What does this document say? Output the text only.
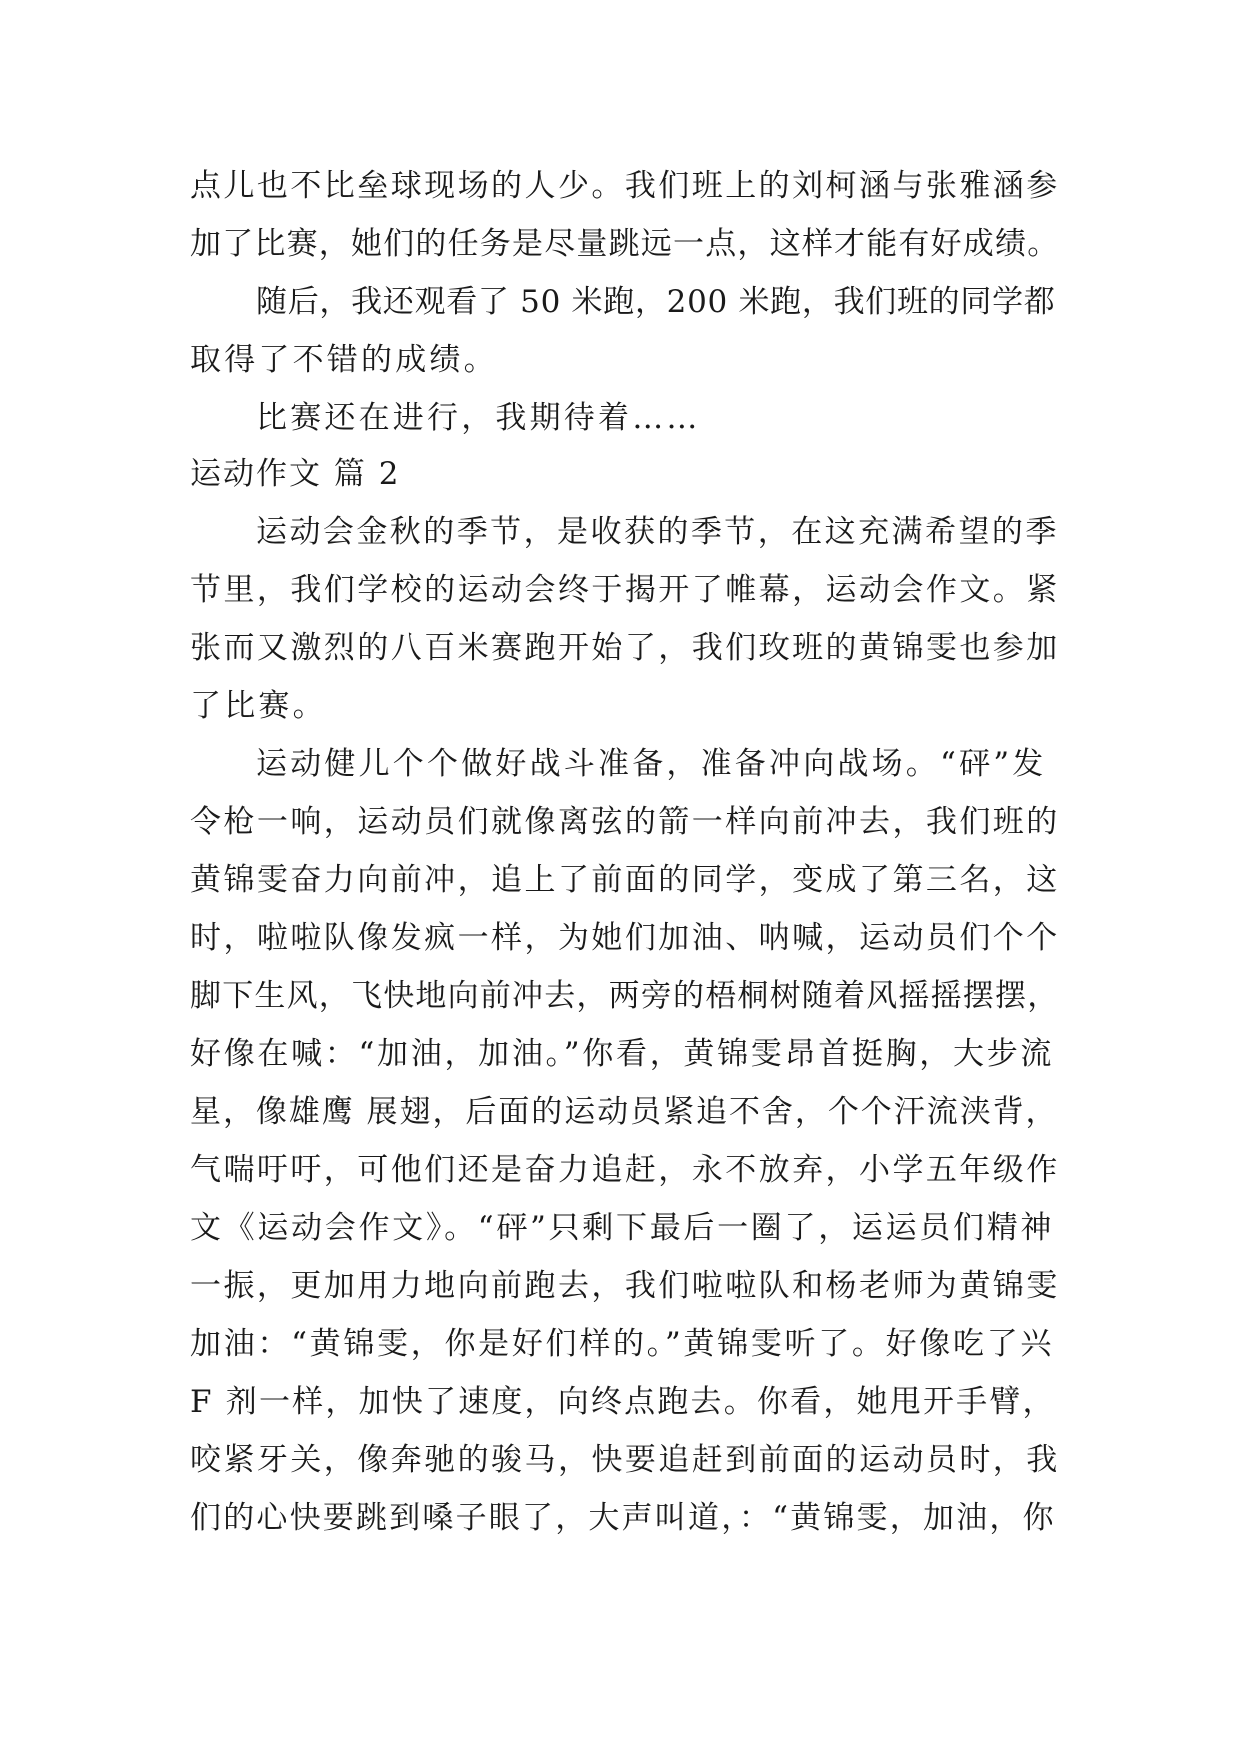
点儿也不比垒球现场的人少。我们班上的刘柯涵与张雅涵参
加了比赛，她们的任务是尽量跳远一点，这样才能有好成绩。
随后，我还观看了 50 米跑，200 米跑，我们班的同学都
取得了不错的成绩。
比赛还在进行，我期待着……
运动作文 篇 2
运动会金秋的季节，是收获的季节，在这充满希望的季
节里，我们学校的运动会终于揭开了帷幕，运动会作文。紧
张而又激烈的八百米赛跑开始了，我们玫班的黄锦雯也参加
了比赛。
运动健儿个个做好战斗准备，准备冲向战场。“砰”发
令枪一响，运动员们就像离弦的箭一样向前冲去，我们班的
黄锦雯奋力向前冲，追上了前面的同学，变成了第三名，这
时，啦啦队像发疯一样，为她们加油、呐喊，运动员们个个
脚下生风，飞快地向前冲去，两旁的梧桐树随着风摇摇摆摆，
好像在喊：“加油，加油。”你看，黄锦雯昂首挺胸，大步流
星，像雄鹰 展翅，后面的运动员紧追不舍，个个汗流浃背，
气喘吁吁，可他们还是奋力追赶，永不放弃，小学五年级作
文《运动会作文》。“砰”只剩下最后一圈了，运运员们精神
一振，更加用力地向前跑去，我们啦啦队和杨老师为黄锦雯
加油：“黄锦雯，你是好们样的。”黄锦雯听了。好像吃了兴
F 剂一样，加快了速度，向终点跑去。你看，她甩开手臂，
咬紧牙关，像奔驰的骏马，快要追赶到前面的运动员时，我
们的心快要跳到嗓子眼了，大声叫道，：“黄锦雯，加油，你
